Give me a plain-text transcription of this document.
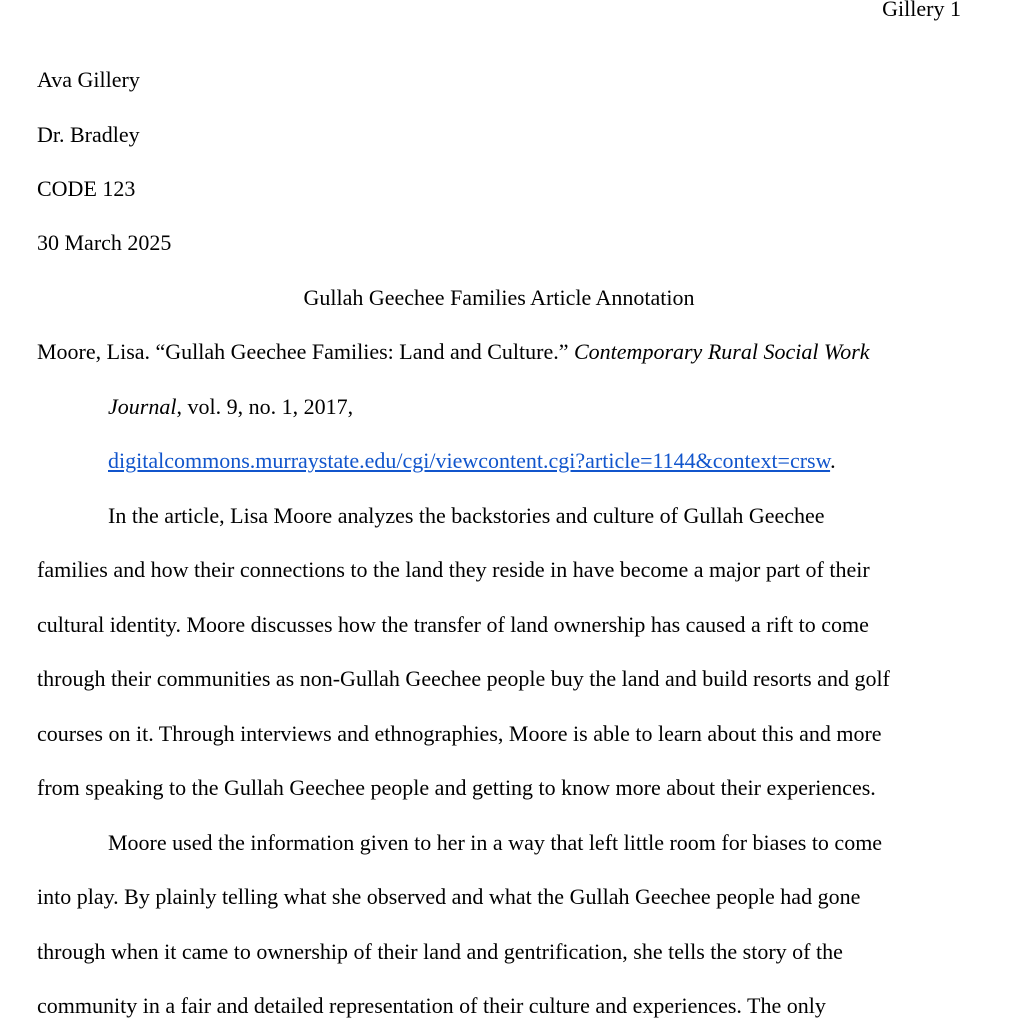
Gillery 1
Ava Gillery
Dr. Bradley
CODE 123
30 March 2025
Gullah Geechee Families Article Annotation
Moore, Lisa. “Gullah Geechee Families: Land and Culture.” Contemporary Rural Social Work
Journal, vol. 9, no. 1, 2017,
digitalcommons.murraystate.edu/cgi/viewcontent.cgi?article=1144&context=crsw.
In the article, Lisa Moore analyzes the backstories and culture of Gullah Geechee
families and how their connections to the land they reside in have become a major part of their
cultural identity. Moore discusses how the transfer of land ownership has caused a rift to come
through their communities as non-Gullah Geechee people buy the land and build resorts and golf
courses on it. Through interviews and ethnographies, Moore is able to learn about this and more
from speaking to the Gullah Geechee people and getting to know more about their experiences.
Moore used the information given to her in a way that left little room for biases to come
into play. By plainly telling what she observed and what the Gullah Geechee people had gone
through when it came to ownership of their land and gentrification, she tells the story of the
community in a fair and detailed representation of their culture and experiences. The only
